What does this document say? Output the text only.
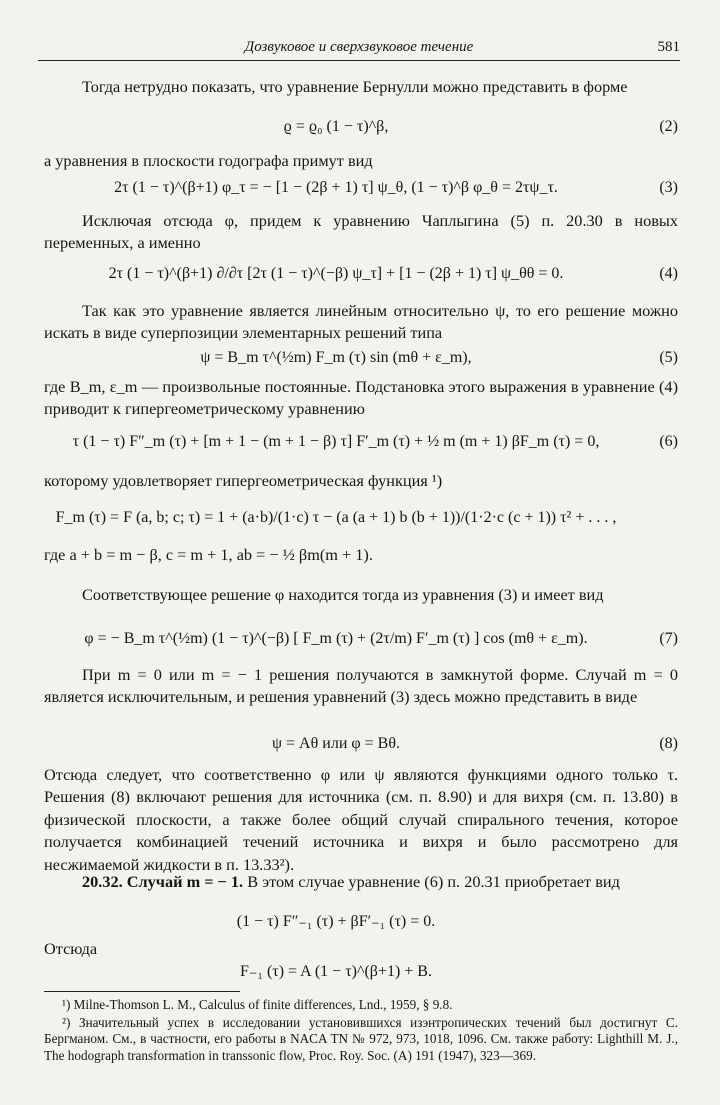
Дозвуковое и сверхзвуковое течение	581

Тогда нетрудно показать, что уравнение Бернулли можно представить в форме

ϱ = ϱ₀ (1 − τ)^β,	(2)

а уравнения в плоскости годографа примут вид

2τ (1 − τ)^(β+1) φ_τ = − [1 − (2β + 1) τ] ψ_θ, (1 − τ)^β φ_θ = 2τψ_τ.	(3)

Исключая отсюда φ, придем к уравнению Чаплыгина (5) п. 20.30 в новых переменных, а именно

2τ (1 − τ)^(β+1) ∂/∂τ [2τ (1 − τ)^(−β) ψ_τ] + [1 − (2β + 1) τ] ψ_θθ = 0.	(4)

Так как это уравнение является линейным относительно ψ, то его решение можно искать в виде суперпозиции элементарных решений типа

ψ = B_m τ^(½m) F_m (τ) sin (mθ + ε_m),	(5)

где B_m, ε_m — произвольные постоянные. Подстановка этого выражения в уравнение (4) приводит к гипергеометрическому уравнению

τ (1 − τ) F″_m (τ) + [m + 1 − (m + 1 − β) τ] F′_m (τ) + ½ m (m + 1) βF_m (τ) = 0,	(6)

которому удовлетворяет гипергеометрическая функция ¹)

F_m (τ) = F (a, b; c; τ) = 1 + (a·b)/(1·c) τ − (a (a + 1) b (b + 1))/(1·2·c (c + 1)) τ² + . . . ,

где a + b = m − β, c = m + 1, ab = − ½ βm(m + 1).

Соответствующее решение φ находится тогда из уравнения (3) и имеет вид

φ = − B_m τ^(½m) (1 − τ)^(−β) [ F_m (τ) + (2τ/m) F′_m (τ) ] cos (mθ + ε_m).	(7)

При m = 0 или m = − 1 решения получаются в замкнутой форме. Случай m = 0 является исключительным, и решения уравнений (3) здесь можно представить в виде

ψ = Aθ или φ = Bθ.	(8)

Отсюда следует, что соответственно φ или ψ являются функциями одного только τ. Решения (8) включают решения для источника (см. п. 8.90) и для вихря (см. п. 13.80) в физической плоскости, а также более общий случай спирального течения, которое получается комбинацией течений источника и вихря и было рассмотрено для несжимаемой жидкости в п. 13.33²).

20.32. Случай m = − 1. В этом случае уравнение (6) п. 20.31 приобретает вид

(1 − τ) F″₋₁ (τ) + βF′₋₁ (τ) = 0.

Отсюда

F₋₁ (τ) = A (1 − τ)^(β+1) + B.

¹) Milne-Thomson L. M., Calculus of finite differences, Lnd., 1959, § 9.8.

²) Значительный успех в исследовании установившихся изэнтропических течений был достигнут С. Бергманом. См., в частности, его работы в NACA TN № 972, 973, 1018, 1096. См. также работу: Lighthill M. J., The hodograph transformation in transsonic flow, Proc. Roy. Soc. (A) 191 (1947), 323—369.
